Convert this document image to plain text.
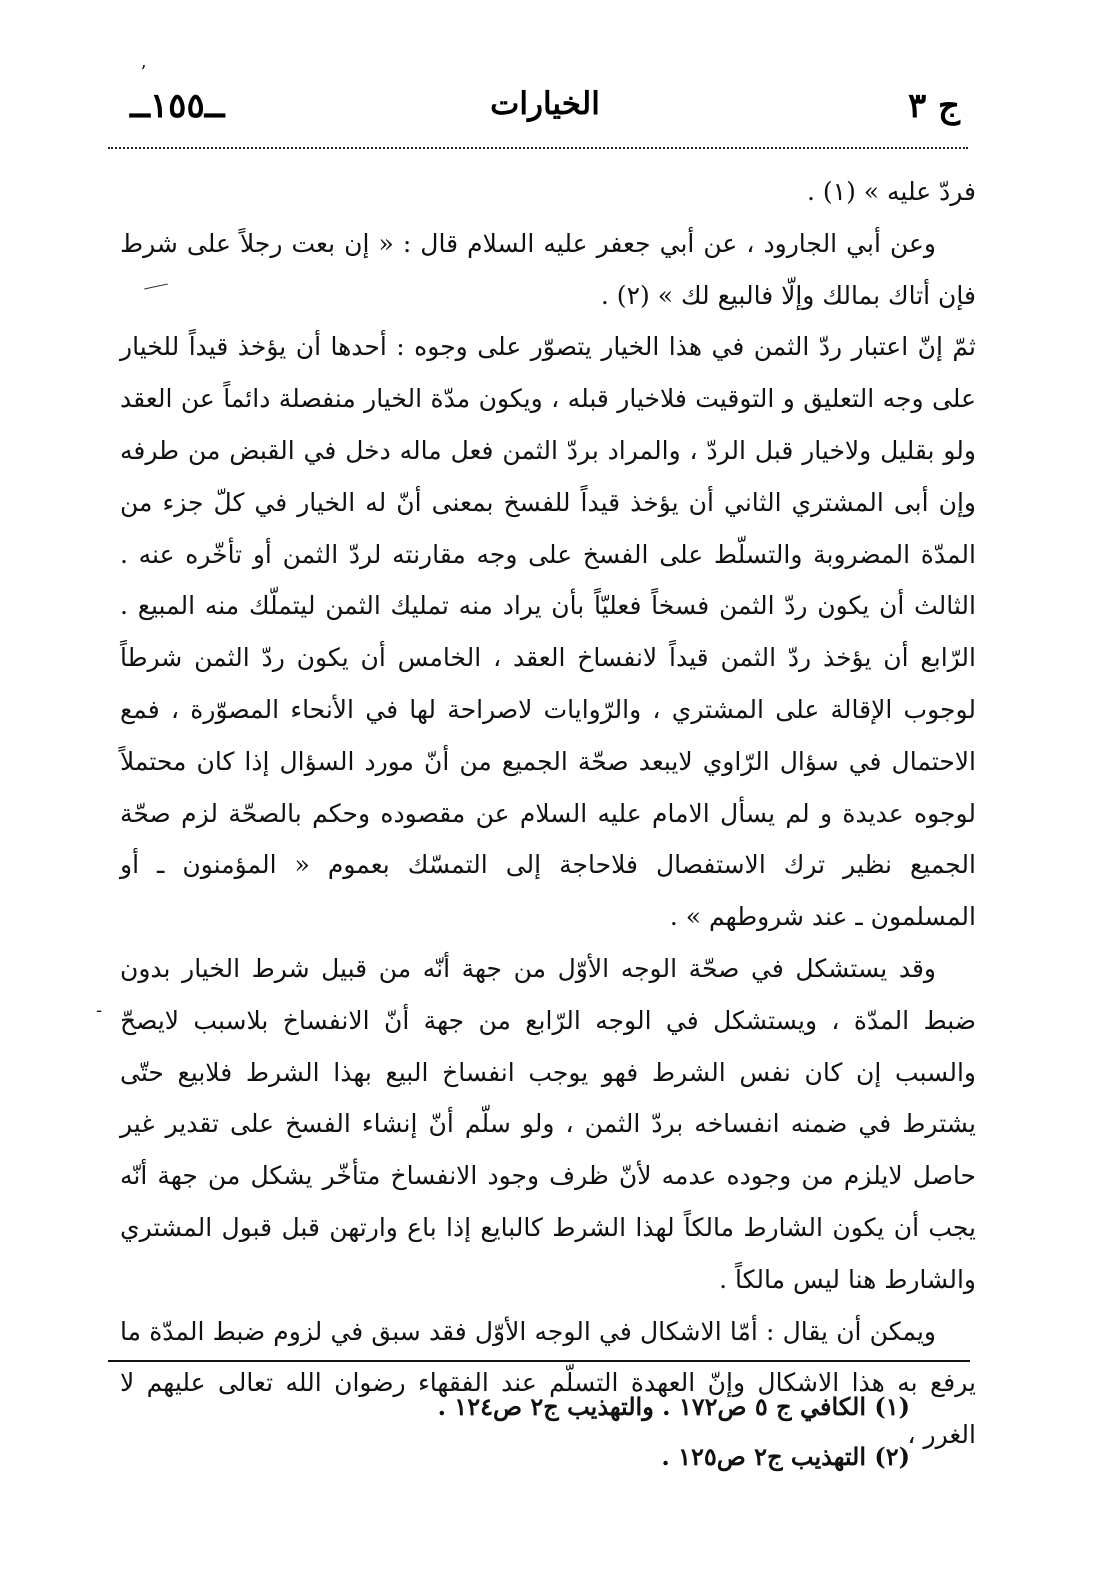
ʼ
ج ٣
الخيارات
ــ١٥٥ــ
-

فردّ عليه » (١) .

وعن أبي الجارود ، عن أبي جعفر عليه السلام قال : « إن بعت رجلاً على شرط فإن أتاك بمالك وإلّا فالبيع لك » (٢) .

ثمّ إنّ اعتبار ردّ الثمن في هذا الخيار يتصوّر على وجوه : أحدها أن يؤخذ قيداً للخيار على وجه التعليق و التوقيت فلاخيار قبله ، ويكون مدّة الخيار منفصلة دائماً عن العقد ولو بقليل ولاخيار قبل الردّ ، والمراد بردّ الثمن فعل ماله دخل في القبض من طرفه وإن أبى المشتري الثاني أن يؤخذ قيداً للفسخ بمعنى أنّ له الخيار في كلّ جزء من المدّة المضروبة والتسلّط على الفسخ على وجه مقارنته لردّ الثمن أو تأخّره عنه . الثالث أن يكون ردّ الثمن فسخاً فعليّاً بأن يراد منه تمليك الثمن ليتملّك منه المبيع . الرّابع أن يؤخذ ردّ الثمن قيداً لانفساخ العقد ، الخامس أن يكون ردّ الثمن شرطاً لوجوب الإقالة على المشتري ، والرّوايات لاصراحة لها في الأنحاء المصوّرة ، فمع الاحتمال في سؤال الرّاوي لايبعد صحّة الجميع من أنّ مورد السؤال إذا كان محتملاً لوجوه عديدة و لم يسأل الامام عليه السلام عن مقصوده وحكم بالصحّة لزم صحّة الجميع نظير ترك الاستفصال فلاحاجة إلى التمسّك بعموم « المؤمنون ـ أو المسلمون ـ عند شروطهم » .

وقد يستشكل في صحّة الوجه الأوّل من جهة أنّه من قبيل شرط الخيار بدون ضبط المدّة ، ويستشكل في الوجه الرّابع من جهة أنّ الانفساخ بلاسبب لايصحّ والسبب إن كان نفس الشرط فهو يوجب انفساخ البيع بهذا الشرط فلابيع حتّى يشترط في ضمنه انفساخه بردّ الثمن ، ولو سلّم أنّ إنشاء الفسخ على تقدير غير حاصل لايلزم من وجوده عدمه لأنّ ظرف وجود الانفساخ متأخّر يشكل من جهة أنّه يجب أن يكون الشارط مالكاً لهذا الشرط كالبايع إذا باع وارتهن قبل قبول المشتري والشارط هنا ليس مالكاً .

ويمكن أن يقال : أمّا الاشكال في الوجه الأوّل فقد سبق في لزوم ضبط المدّة ما يرفع به هذا الاشكال وإنّ العهدة التسلّم عند الفقهاء رضوان الله تعالى عليهم لا الغرر ،

(١) الكافي ج ٥ ص١٧٢ . والتهذيب ج٢ ص١٢٤ .
(٢) التهذيب ج٢ ص١٢٥ .
